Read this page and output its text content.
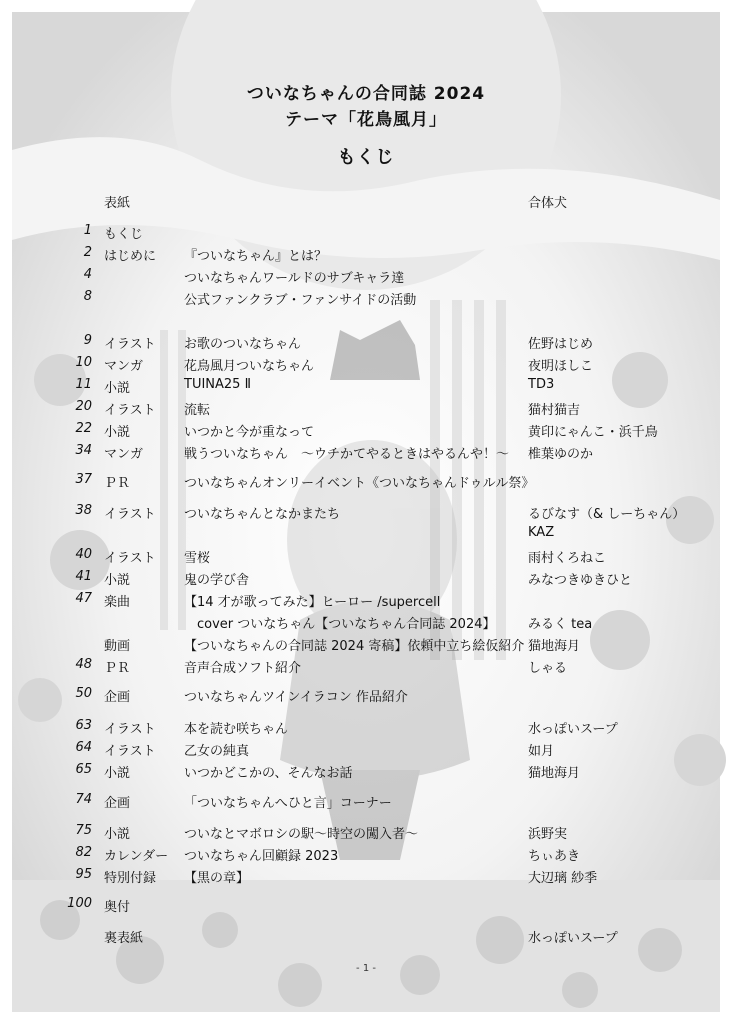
ついなちゃんの合同誌 2024
テーマ「花鳥風月」
もくじ
表紙	合体犬
1 もくじ
2 はじめに 『ついなちゃん』とは？
4	ついなちゃんワールドのサブキャラ達
8	公式ファンクラブ・ファンサイドの活動
9 イラスト お歌のついなちゃん	佐野はじめ
10 マンガ	花鳥風月ついなちゃん	夜明ほしこ
11 小説	TUINA25 Ⅱ	TD3
20 イラスト 流転	猫村猫吉
22 小説	いつかと今が重なって	黄印にゃんこ・浜千鳥
34 マンガ	戦うついなちゃん　～ウチかてやるときはやるんや！～ 椎葉ゆのか
37 ＰＲ	ついなちゃんオンリーイベント《ついなちゃんドゥルル祭》
38 イラスト ついなちゃんとなかまたち	るびなす（& しーちゃん）
KAZ
40 イラスト 雪桜	雨村くろねこ
41 小説	鬼の学び舎	みなつきゆきひと
47 楽曲	【14 才が歌ってみた】ヒーロー /supercell
　cover ついなちゃん【ついなちゃん合同誌 2024】	みるく tea
動画	【ついなちゃんの合同誌 2024 寄稿】依頼中立ち絵仮紹介 猫地海月
48 ＰＲ	音声合成ソフト紹介	しゃる
50 企画	ついなちゃんツインイラコン 作品紹介
63 イラスト 本を読む咲ちゃん	水っぽいスープ
64 イラスト 乙女の純真	如月
65 小説	いつかどこかの、そんなお話	猫地海月
74 企画	「ついなちゃんへひと言」コーナー
75 小説	ついなとマボロシの駅～時空の闖入者～	浜野実
82 カレンダー ついなちゃん回顧録 2023	ちぃあき
95 特別付録 【黒の章】	大辺璃 紗季
100 奥付
裏表紙	水っぽいスープ
- 1 -
